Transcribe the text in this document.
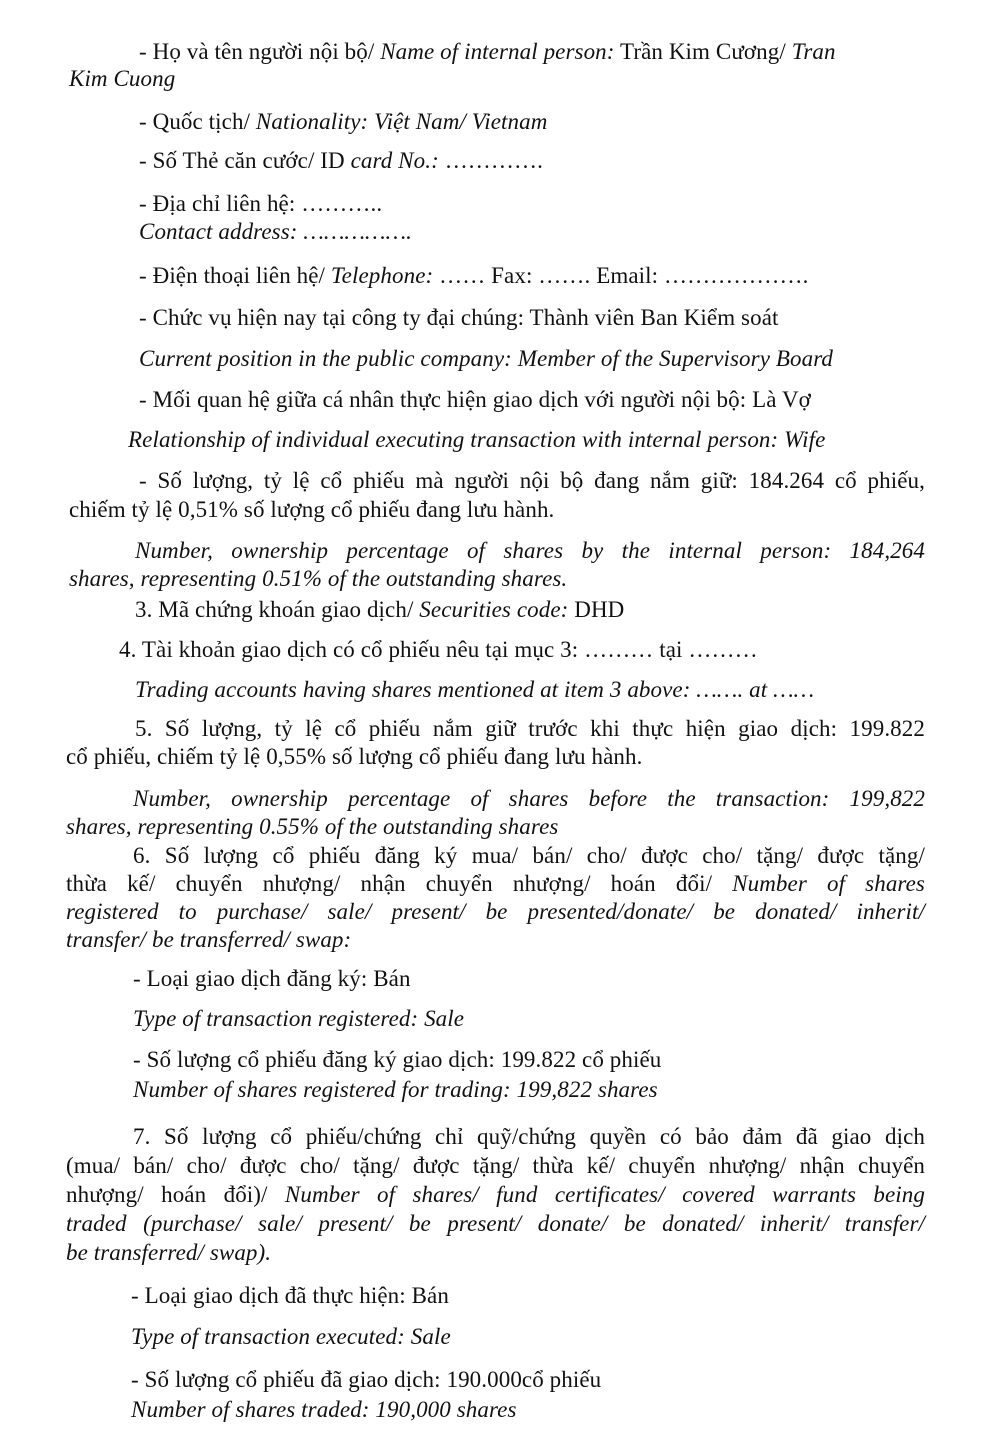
- Họ và tên người nội bộ/ Name of internal person: Trần Kim Cương/ Tran
Kim Cuong
- Quốc tịch/ Nationality: Việt Nam/ Vietnam
- Số Thẻ căn cước/ ID card No.: ………….
- Địa chỉ liên hệ: ………..
Contact address: …………….
- Điện thoại liên hệ/ Telephone: …… Fax: ……. Email: ……………….
- Chức vụ hiện nay tại công ty đại chúng: Thành viên Ban Kiểm soát
Current position in the public company: Member of the Supervisory Board
- Mối quan hệ giữa cá nhân thực hiện giao dịch với người nội bộ: Là Vợ
Relationship of individual executing transaction with internal person: Wife
- Số lượng, tỷ lệ cổ phiếu mà người nội bộ đang nắm giữ: 184.264 cổ phiếu,
chiếm tỷ lệ 0,51% số lượng cổ phiếu đang lưu hành.
Number, ownership percentage of shares by the internal person: 184,264
shares, representing 0.51% of the outstanding shares.
3. Mã chứng khoán giao dịch/ Securities code: DHD
4. Tài khoản giao dịch có cổ phiếu nêu tại mục 3: ……… tại ………
Trading accounts having shares mentioned at item 3 above: ……. at ……
5. Số lượng, tỷ lệ cổ phiếu nắm giữ trước khi thực hiện giao dịch: 199.822
cổ phiếu, chiếm tỷ lệ 0,55% số lượng cổ phiếu đang lưu hành.
Number, ownership percentage of shares before the transaction: 199,822
shares, representing 0.55% of the outstanding shares
6. Số lượng cổ phiếu đăng ký mua/ bán/ cho/ được cho/ tặng/ được tặng/
thừa kế/ chuyển nhượng/ nhận chuyển nhượng/ hoán đổi/ Number of shares
registered to purchase/ sale/ present/ be presented/donate/ be donated/ inherit/
transfer/ be transferred/ swap:
- Loại giao dịch đăng ký: Bán
Type of transaction registered: Sale
- Số lượng cổ phiếu đăng ký giao dịch: 199.822 cổ phiếu
Number of shares registered for trading: 199,822 shares
7. Số lượng cổ phiếu/chứng chỉ quỹ/chứng quyền có bảo đảm đã giao dịch
(mua/ bán/ cho/ được cho/ tặng/ được tặng/ thừa kế/ chuyển nhượng/ nhận chuyển
nhượng/ hoán đổi)/ Number of shares/ fund certificates/ covered warrants being
traded (purchase/ sale/ present/ be present/ donate/ be donated/ inherit/ transfer/
be transferred/ swap).
- Loại giao dịch đã thực hiện: Bán
Type of transaction executed: Sale
- Số lượng cổ phiếu đã giao dịch: 190.000cổ phiếu
Number of shares traded: 190,000 shares
